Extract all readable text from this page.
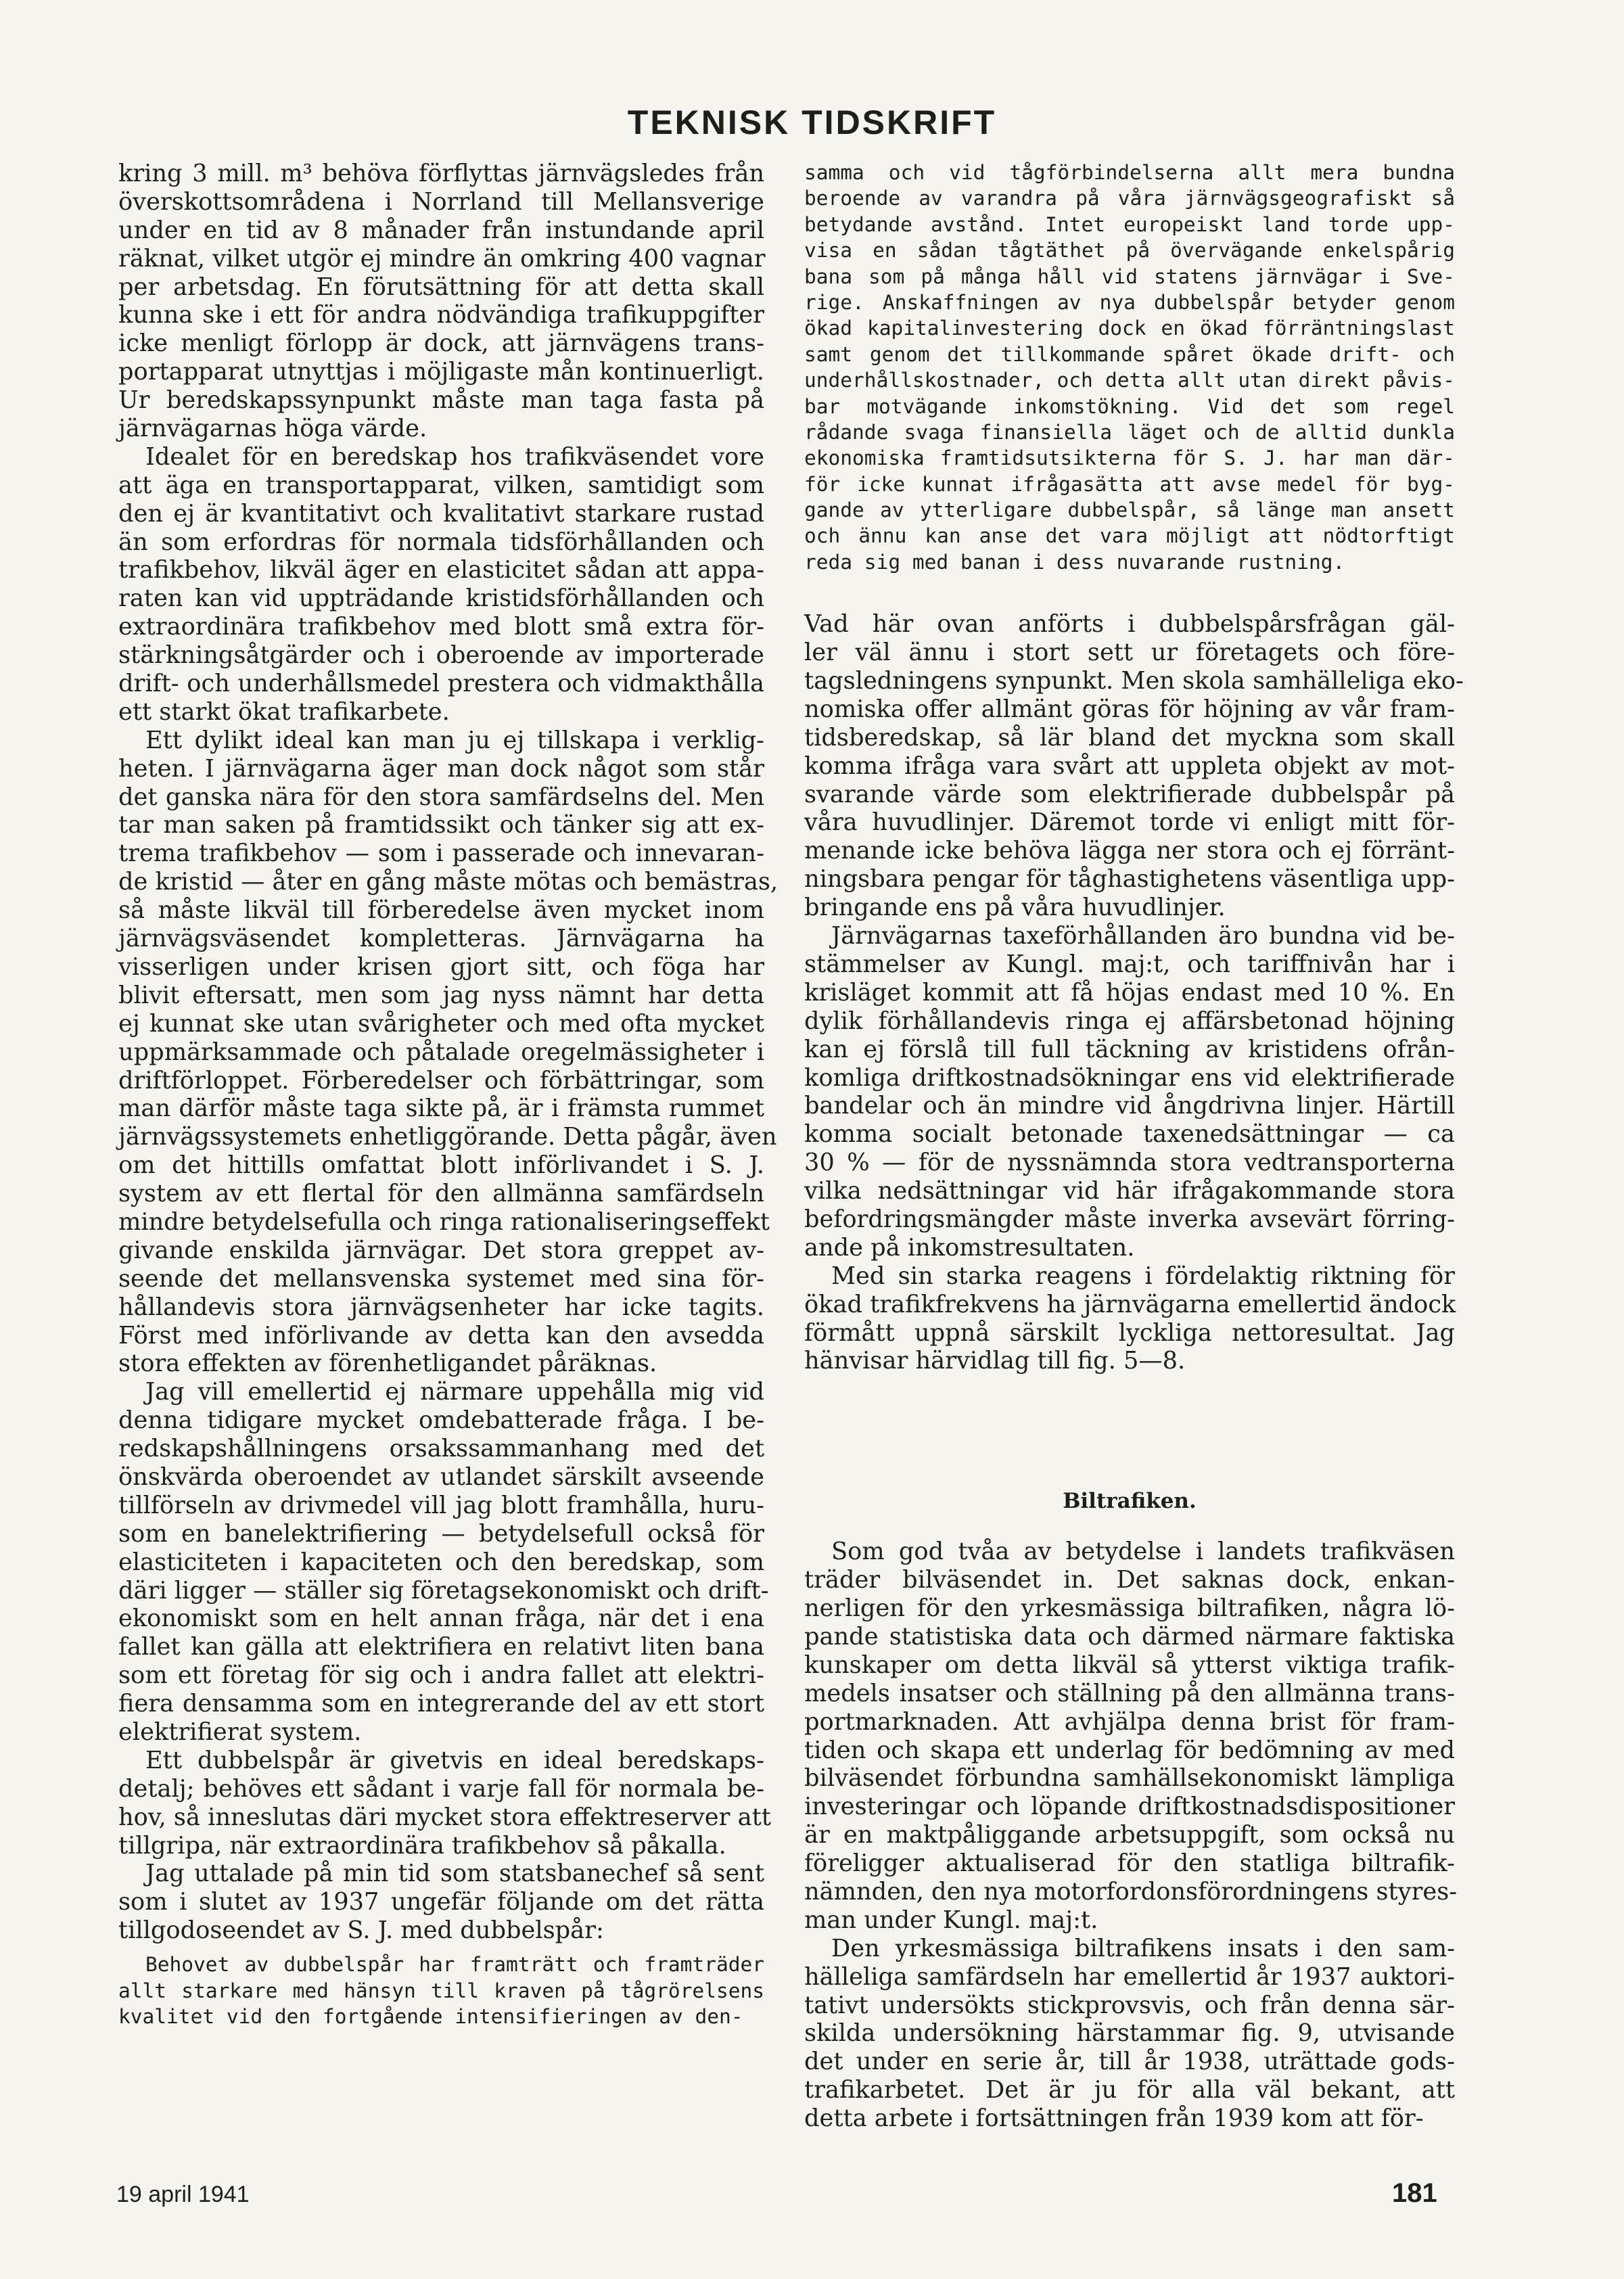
TEKNISK TIDSKRIFT
kring 3 mill. m³ behöva förflyttas järnvägsledes från
överskottsområdena i Norrland till Mellansverige
under en tid av 8 månader från instundande april
räknat, vilket utgör ej mindre än omkring 400 vagnar
per arbetsdag. En förutsättning för att detta skall
kunna ske i ett för andra nödvändiga trafikuppgifter
icke menligt förlopp är dock, att järnvägens trans-
portapparat utnyttjas i möjligaste mån kontinuerligt.
Ur beredskapssynpunkt måste man taga fasta på
järnvägarnas höga värde.
Idealet för en beredskap hos trafikväsendet vore
att äga en transportapparat, vilken, samtidigt som
den ej är kvantitativt och kvalitativt starkare rustad
än som erfordras för normala tidsförhållanden och
trafikbehov, likväl äger en elasticitet sådan att appa-
raten kan vid uppträdande kristidsförhållanden och
extraordinära trafikbehov med blott små extra för-
stärkningsåtgärder och i oberoende av importerade
drift- och underhållsmedel prestera och vidmakthålla
ett starkt ökat trafikarbete.
Ett dylikt ideal kan man ju ej tillskapa i verklig-
heten. I järnvägarna äger man dock något som står
det ganska nära för den stora samfärdselns del. Men
tar man saken på framtidssikt och tänker sig att ex-
trema trafikbehov — som i passerade och innevaran-
de kristid — åter en gång måste mötas och bemästras,
så måste likväl till förberedelse även mycket inom
järnvägsväsendet kompletteras. Järnvägarna ha
visserligen under krisen gjort sitt, och föga har
blivit eftersatt, men som jag nyss nämnt har detta
ej kunnat ske utan svårigheter och med ofta mycket
uppmärksammade och påtalade oregelmässigheter i
driftförloppet. Förberedelser och förbättringar, som
man därför måste taga sikte på, är i främsta rummet
järnvägssystemets enhetliggörande. Detta pågår, även
om det hittills omfattat blott införlivandet i S. J.
system av ett flertal för den allmänna samfärdseln
mindre betydelsefulla och ringa rationaliseringseffekt
givande enskilda järnvägar. Det stora greppet av-
seende det mellansvenska systemet med sina för-
hållandevis stora järnvägsenheter har icke tagits.
Först med införlivande av detta kan den avsedda
stora effekten av förenhetligandet påräknas.
Jag vill emellertid ej närmare uppehålla mig vid
denna tidigare mycket omdebatterade fråga. I be-
redskapshållningens orsakssammanhang med det
önskvärda oberoendet av utlandet särskilt avseende
tillförseln av drivmedel vill jag blott framhålla, huru-
som en banelektrifiering — betydelsefull också för
elasticiteten i kapaciteten och den beredskap, som
däri ligger — ställer sig företagsekonomiskt och drift-
ekonomiskt som en helt annan fråga, när det i ena
fallet kan gälla att elektrifiera en relativt liten bana
som ett företag för sig och i andra fallet att elektri-
fiera densamma som en integrerande del av ett stort
elektrifierat system.
Ett dubbelspår är givetvis en ideal beredskaps-
detalj; behöves ett sådant i varje fall för normala be-
hov, så inneslutas däri mycket stora effektreserver att
tillgripa, när extraordinära trafikbehov så påkalla.
Jag uttalade på min tid som statsbanechef så sent
som i slutet av 1937 ungefär följande om det rätta
tillgodoseendet av S. J. med dubbelspår:
Behovet av dubbelspår har framträtt och framträder
allt starkare med hänsyn till kraven på tågrörelsens
kvalitet vid den fortgående intensifieringen av den-
samma och vid tågförbindelserna allt mera bundna
beroende av varandra på våra järnvägsgeografiskt så
betydande avstånd. Intet europeiskt land torde upp-
visa en sådan tågtäthet på övervägande enkelspårig
bana som på många håll vid statens järnvägar i Sve-
rige. Anskaffningen av nya dubbelspår betyder genom
ökad kapitalinvestering dock en ökad förräntningslast
samt genom det tillkommande spåret ökade drift- och
underhållskostnader, och detta allt utan direkt påvis-
bar motvägande inkomstökning. Vid det som regel
rådande svaga finansiella läget och de alltid dunkla
ekonomiska framtidsutsikterna för S. J. har man där-
för icke kunnat ifrågasätta att avse medel för byg-
gande av ytterligare dubbelspår, så länge man ansett
och ännu kan anse det vara möjligt att nödtorftigt
reda sig med banan i dess nuvarande rustning.
Vad här ovan anförts i dubbelspårsfrågan gäl-
ler väl ännu i stort sett ur företagets och före-
tagsledningens synpunkt. Men skola samhälleliga eko-
nomiska offer allmänt göras för höjning av vår fram-
tidsberedskap, så lär bland det myckna som skall
komma ifråga vara svårt att uppleta objekt av mot-
svarande värde som elektrifierade dubbelspår på
våra huvudlinjer. Däremot torde vi enligt mitt för-
menande icke behöva lägga ner stora och ej förränt-
ningsbara pengar för tåghastighetens väsentliga upp-
bringande ens på våra huvudlinjer.
Järnvägarnas taxeförhållanden äro bundna vid be-
stämmelser av Kungl. maj:t, och tariffnivån har i
krisläget kommit att få höjas endast med 10 %. En
dylik förhållandevis ringa ej affärsbetonad höjning
kan ej förslå till full täckning av kristidens ofrån-
komliga driftkostnadsökningar ens vid elektrifierade
bandelar och än mindre vid ångdrivna linjer. Härtill
komma socialt betonade taxenedsättningar — ca
30 % — för de nyssnämnda stora vedtransporterna
vilka nedsättningar vid här ifrågakommande stora
befordringsmängder måste inverka avsevärt förring-
ande på inkomstresultaten.
Med sin starka reagens i fördelaktig riktning för
ökad trafikfrekvens ha järnvägarna emellertid ändock
förmått uppnå särskilt lyckliga nettoresultat. Jag
hänvisar härvidlag till fig. 5—8.
Biltrafiken.
Som god tvåa av betydelse i landets trafikväsen
träder bilväsendet in. Det saknas dock, enkan-
nerligen för den yrkesmässiga biltrafiken, några lö-
pande statistiska data och därmed närmare faktiska
kunskaper om detta likväl så ytterst viktiga trafik-
medels insatser och ställning på den allmänna trans-
portmarknaden. Att avhjälpa denna brist för fram-
tiden och skapa ett underlag för bedömning av med
bilväsendet förbundna samhällsekonomiskt lämpliga
investeringar och löpande driftkostnadsdispositioner
är en maktpåliggande arbetsuppgift, som också nu
föreligger aktualiserad för den statliga biltrafik-
nämnden, den nya motorfordonsförordningens styres-
man under Kungl. maj:t.
Den yrkesmässiga biltrafikens insats i den sam-
hälleliga samfärdseln har emellertid år 1937 auktori-
tativt undersökts stickprovsvis, och från denna sär-
skilda undersökning härstammar fig. 9, utvisande
det under en serie år, till år 1938, uträttade gods-
trafikarbetet. Det är ju för alla väl bekant, att
detta arbete i fortsättningen från 1939 kom att för-
19 april 1941	181
